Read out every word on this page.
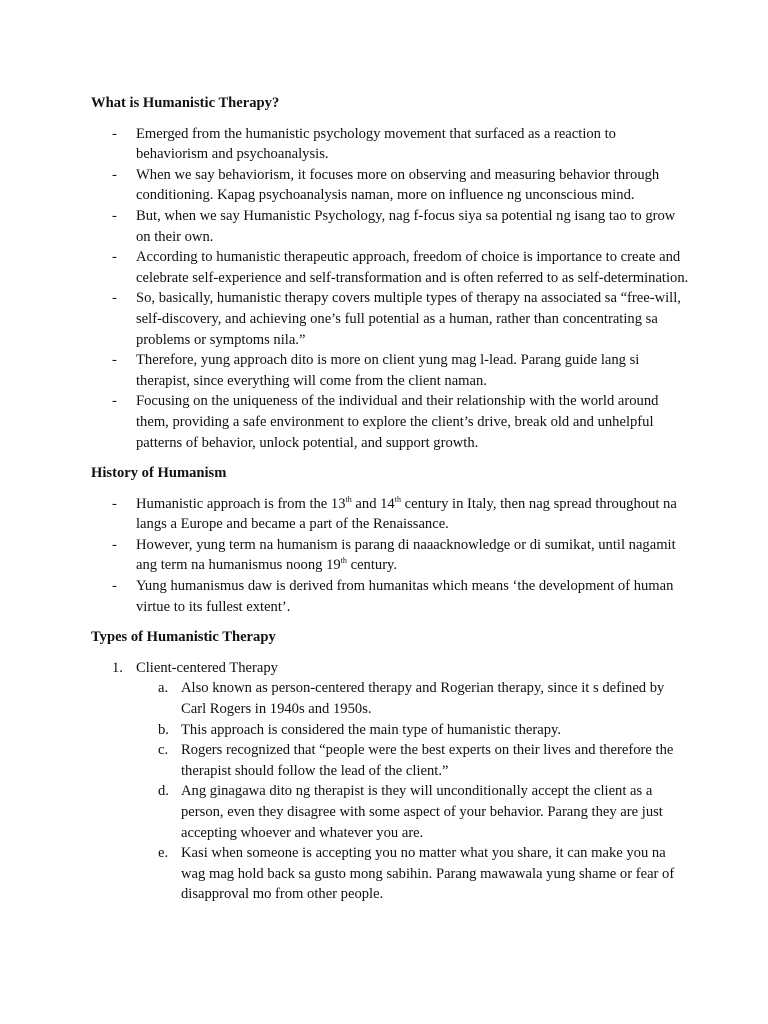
What is Humanistic Therapy?
- Emerged from the humanistic psychology movement that surfaced as a reaction to behaviorism and psychoanalysis.
- When we say behaviorism, it focuses more on observing and measuring behavior through conditioning. Kapag psychoanalysis naman, more on influence ng unconscious mind.
- But, when we say Humanistic Psychology, nag f-focus siya sa potential ng isang tao to grow on their own.
- According to humanistic therapeutic approach, freedom of choice is importance to create and celebrate self-experience and self-transformation and is often referred to as self-determination.
- So, basically, humanistic therapy covers multiple types of therapy na associated sa “free-will, self-discovery, and achieving one’s full potential as a human, rather than concentrating sa problems or symptoms nila.”
- Therefore, yung approach dito is more on client yung mag l-lead. Parang guide lang si therapist, since everything will come from the client naman.
- Focusing on the uniqueness of the individual and their relationship with the world around them, providing a safe environment to explore the client’s drive, break old and unhelpful patterns of behavior, unlock potential, and support growth.
History of Humanism
- Humanistic approach is from the 13th and 14th century in Italy, then nag spread throughout na langs a Europe and became a part of the Renaissance.
- However, yung term na humanism is parang di naaacknowledge or di sumikat, until nagamit ang term na humanismus noong 19th century.
- Yung humanismus daw is derived from humanitas which means ‘the development of human virtue to its fullest extent’.
Types of Humanistic Therapy
1. Client-centered Therapy
a. Also known as person-centered therapy and Rogerian therapy, since it s defined by Carl Rogers in 1940s and 1950s.
b. This approach is considered the main type of humanistic therapy.
c. Rogers recognized that “people were the best experts on their lives and therefore the therapist should follow the lead of the client.”
d. Ang ginagawa dito ng therapist is they will unconditionally accept the client as a person, even they disagree with some aspect of your behavior. Parang they are just accepting whoever and whatever you are.
e. Kasi when someone is accepting you no matter what you share, it can make you na wag mag hold back sa gusto mong sabihin. Parang mawawala yung shame or fear of disapproval mo from other people.
